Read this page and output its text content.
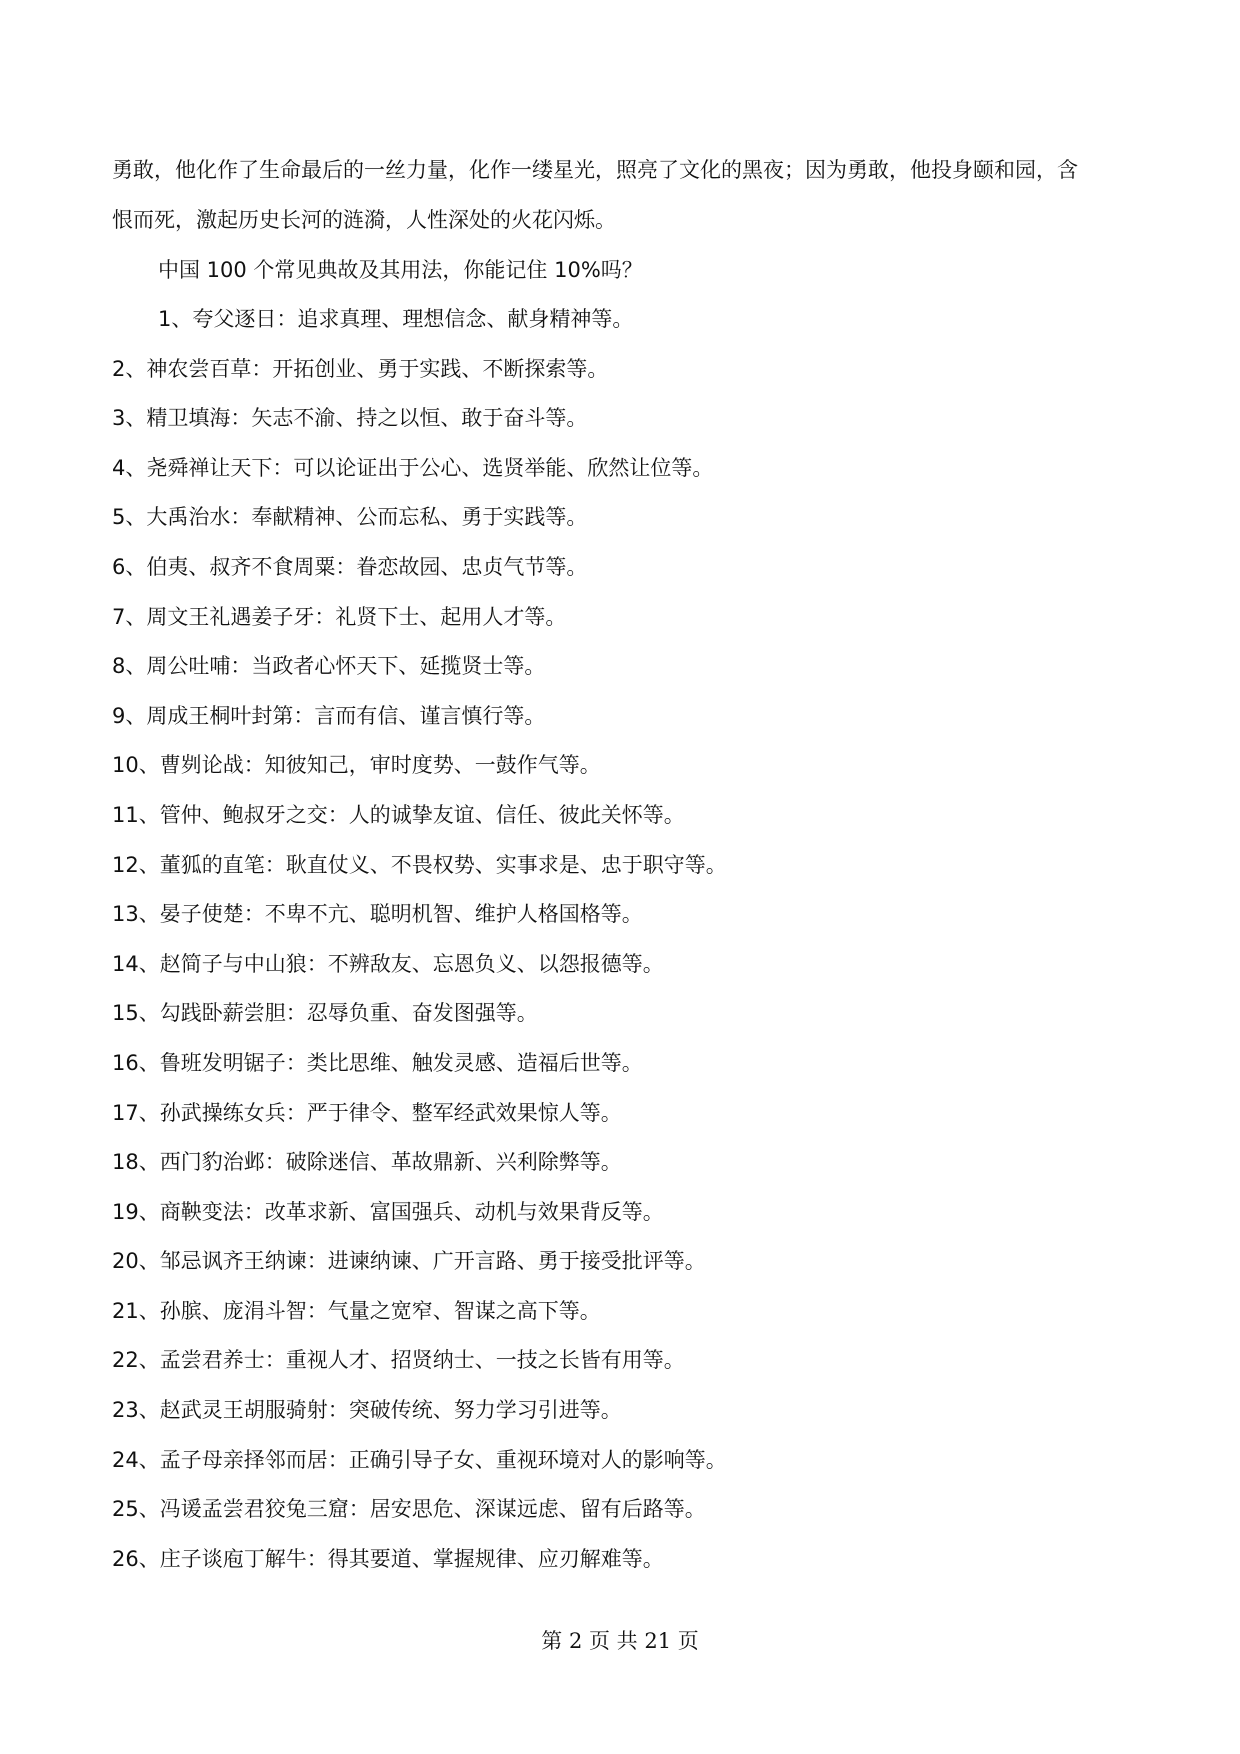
勇敢，他化作了生命最后的一丝力量，化作一缕星光，照亮了文化的黑夜；因为勇敢，他投身颐和园，含

恨而死，激起历史长河的涟漪，人性深处的火花闪烁。

中国 100 个常见典故及其用法，你能记住 10%吗？

1、夸父逐日：追求真理、理想信念、献身精神等。
2、神农尝百草：开拓创业、勇于实践、不断探索等。
3、精卫填海：矢志不渝、持之以恒、敢于奋斗等。
4、尧舜禅让天下：可以论证出于公心、选贤举能、欣然让位等。
5、大禹治水：奉献精神、公而忘私、勇于实践等。
6、伯夷、叔齐不食周粟：眷恋故园、忠贞气节等。
7、周文王礼遇姜子牙：礼贤下士、起用人才等。
8、周公吐哺：当政者心怀天下、延揽贤士等。
9、周成王桐叶封第：言而有信、谨言慎行等。
10、曹刿论战：知彼知己，审时度势、一鼓作气等。
11、管仲、鲍叔牙之交：人的诚挚友谊、信任、彼此关怀等。
12、董狐的直笔：耿直仗义、不畏权势、实事求是、忠于职守等。
13、晏子使楚：不卑不亢、聪明机智、维护人格国格等。
14、赵简子与中山狼：不辨敌友、忘恩负义、以怨报德等。
15、勾践卧薪尝胆：忍辱负重、奋发图强等。
16、鲁班发明锯子：类比思维、触发灵感、造福后世等。
17、孙武操练女兵：严于律令、整军经武效果惊人等。
18、西门豹治邺：破除迷信、革故鼎新、兴利除弊等。
19、商鞅变法：改革求新、富国强兵、动机与效果背反等。
20、邹忌讽齐王纳谏：进谏纳谏、广开言路、勇于接受批评等。
21、孙膑、庞涓斗智：气量之宽窄、智谋之高下等。
22、孟尝君养士：重视人才、招贤纳士、一技之长皆有用等。
23、赵武灵王胡服骑射：突破传统、努力学习引进等。
24、孟子母亲择邻而居：正确引导子女、重视环境对人的影响等。
25、冯谖孟尝君狡兔三窟：居安思危、深谋远虑、留有后路等。
26、庄子谈庖丁解牛：得其要道、掌握规律、应刃解难等。
第 2 页 共 21 页
